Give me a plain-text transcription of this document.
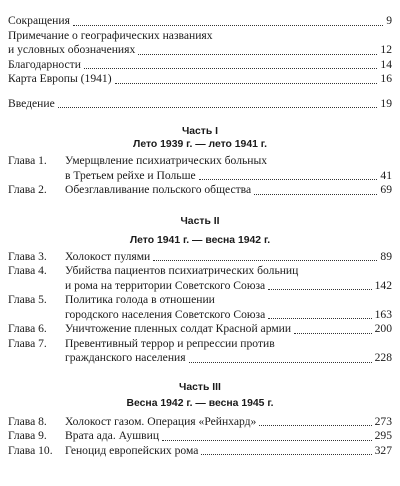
Сокращения	9
Примечание о географических названиях
и условных обозначениях	12
Благодарности	14
Карта Европы (1941)	16
Введение	19
Часть I
Лето 1939 г. — лето 1941 г.
Глава 1.	Умерщвление психиатрических больных
в Третьем рейхе и Польше	41
Глава 2.	Обезглавливание польского общества	69
Часть II
Лето 1941 г. — весна 1942 г.
Глава 3.	Холокост пулями	89
Глава 4.	Убийства пациентов психиатрических больниц
и рома на территории Советского Союза	142
Глава 5.	Политика голода в отношении
городского населения Советского Союза	163
Глава 6.	Уничтожение пленных солдат Красной армии	200
Глава 7.	Превентивный террор и репрессии против
гражданского населения	228
Часть III
Весна 1942 г. — весна 1945 г.
Глава 8.	Холокост газом. Операция «Рейнхард»	273
Глава 9.	Врата ада. Аушвиц	295
Глава 10.	Геноцид европейских рома	327
